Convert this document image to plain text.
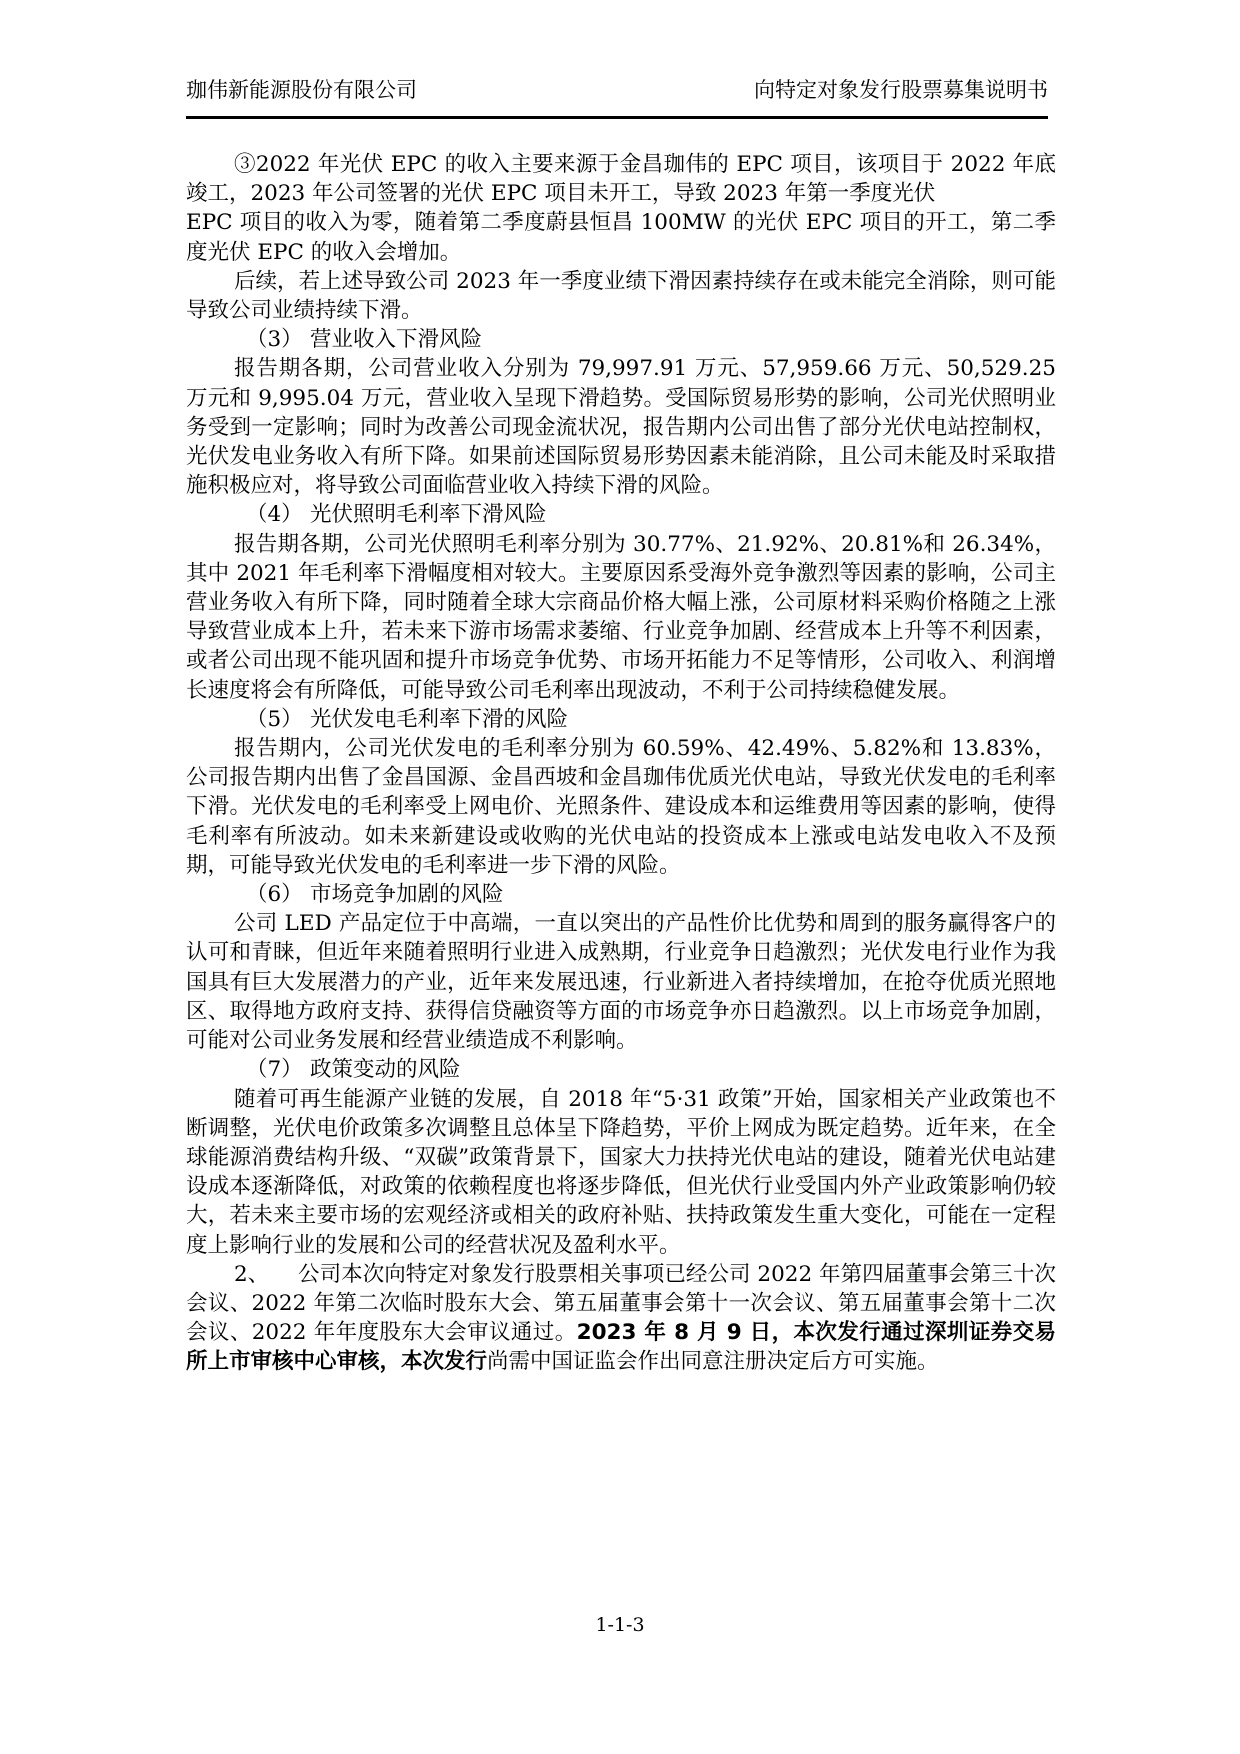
珈伟新能源股份有限公司	向特定对象发行股票募集说明书

③2022 年光伏 EPC 的收入主要来源于金昌珈伟的 EPC 项目，该项目于 2022 年底竣工，2023 年公司签署的光伏 EPC 项目未开工，导致 2023 年第一季度光伏

EPC 项目的收入为零，随着第二季度蔚县恒昌 100MW 的光伏 EPC 项目的开工，第二季度光伏 EPC 的收入会增加。

后续，若上述导致公司 2023 年一季度业绩下滑因素持续存在或未能完全消除，则可能导致公司业绩持续下滑。

（3） 营业收入下滑风险

报告期各期，公司营业收入分别为 79,997.91 万元、57,959.66 万元、50,529.25 万元和 9,995.04 万元，营业收入呈现下滑趋势。受国际贸易形势的影响，公司光伏照明业务受到一定影响；同时为改善公司现金流状况，报告期内公司出售了部分光伏电站控制权，光伏发电业务收入有所下降。如果前述国际贸易形势因素未能消除，且公司未能及时采取措施积极应对，将导致公司面临营业收入持续下滑的风险。

（4） 光伏照明毛利率下滑风险

报告期各期，公司光伏照明毛利率分别为 30.77%、21.92%、20.81%和 26.34%，其中 2021 年毛利率下滑幅度相对较大。主要原因系受海外竞争激烈等因素的影响，公司主营业务收入有所下降，同时随着全球大宗商品价格大幅上涨，公司原材料采购价格随之上涨导致营业成本上升，若未来下游市场需求萎缩、行业竞争加剧、经营成本上升等不利因素，或者公司出现不能巩固和提升市场竞争优势、市场开拓能力不足等情形，公司收入、利润增长速度将会有所降低，可能导致公司毛利率出现波动，不利于公司持续稳健发展。

（5） 光伏发电毛利率下滑的风险

报告期内，公司光伏发电的毛利率分别为 60.59%、42.49%、5.82%和 13.83%，公司报告期内出售了金昌国源、金昌西坡和金昌珈伟优质光伏电站，导致光伏发电的毛利率下滑。光伏发电的毛利率受上网电价、光照条件、建设成本和运维费用等因素的影响，使得毛利率有所波动。如未来新建设或收购的光伏电站的投资成本上涨或电站发电收入不及预期，可能导致光伏发电的毛利率进一步下滑的风险。

（6） 市场竞争加剧的风险

公司 LED 产品定位于中高端，一直以突出的产品性价比优势和周到的服务赢得客户的认可和青睐，但近年来随着照明行业进入成熟期，行业竞争日趋激烈；光伏发电行业作为我国具有巨大发展潜力的产业，近年来发展迅速，行业新进入者持续增加，在抢夺优质光照地区、取得地方政府支持、获得信贷融资等方面的市场竞争亦日趋激烈。以上市场竞争加剧，可能对公司业务发展和经营业绩造成不利影响。

（7） 政策变动的风险

随着可再生能源产业链的发展，自 2018 年“5·31 政策”开始，国家相关产业政策也不断调整，光伏电价政策多次调整且总体呈下降趋势，平价上网成为既定趋势。近年来，在全球能源消费结构升级、“双碳”政策背景下，国家大力扶持光伏电站的建设，随着光伏电站建设成本逐渐降低，对政策的依赖程度也将逐步降低，但光伏行业受国内外产业政策影响仍较大，若未来主要市场的宏观经济或相关的政府补贴、扶持政策发生重大变化，可能在一定程度上影响行业的发展和公司的经营状况及盈利水平。

2、 公司本次向特定对象发行股票相关事项已经公司 2022 年第四届董事会第三十次会议、2022 年第二次临时股东大会、第五届董事会第十一次会议、第五届董事会第十二次会议、2022 年年度股东大会审议通过。2023 年 8 月 9 日，本次发行通过深圳证券交易所上市审核中心审核，本次发行尚需中国证监会作出同意注册决定后方可实施。

1-1-3
